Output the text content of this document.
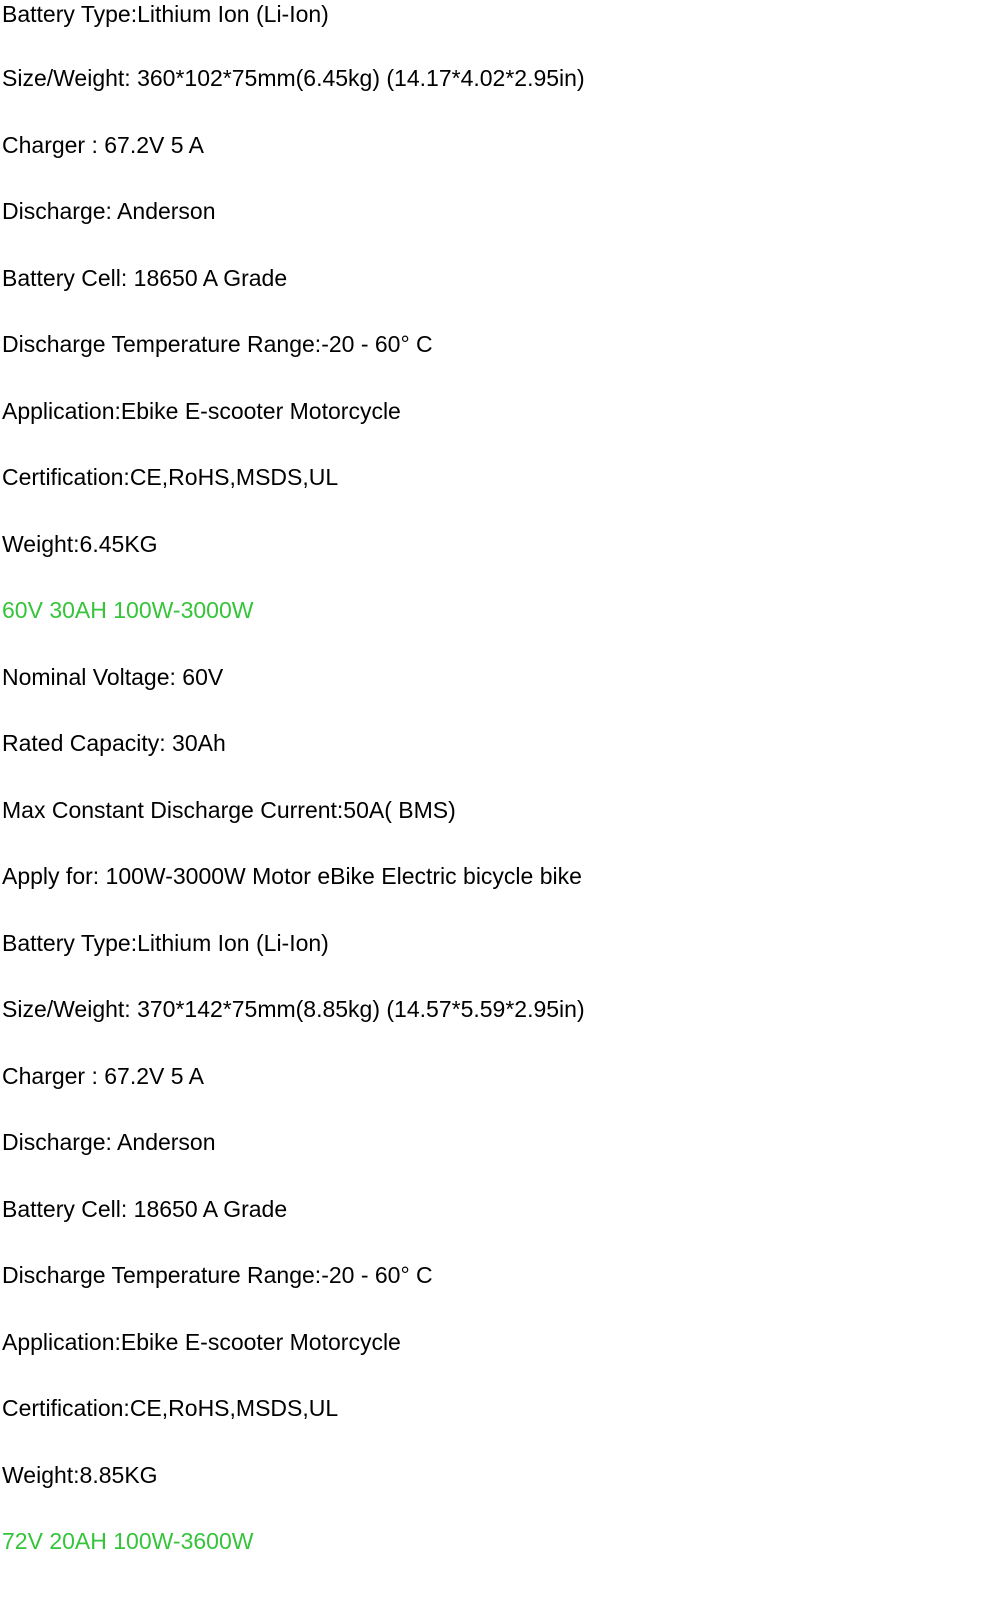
Battery Type:Lithium Ion (Li-Ion)

Size/Weight: 360*102*75mm(6.45kg) (14.17*4.02*2.95in)

Charger : 67.2V 5 A

Discharge: Anderson

Battery Cell: 18650 A Grade

Discharge Temperature Range:-20 - 60° C

Application:Ebike E-scooter Motorcycle

Certification:CE,RoHS,MSDS,UL

Weight:6.45KG

60V 30AH 100W-3000W

Nominal Voltage: 60V

Rated Capacity: 30Ah

Max Constant Discharge Current:50A( BMS)

Apply for: 100W-3000W Motor eBike Electric bicycle bike

Battery Type:Lithium Ion (Li-Ion)

Size/Weight: 370*142*75mm(8.85kg) (14.57*5.59*2.95in)

Charger : 67.2V 5 A

Discharge: Anderson

Battery Cell: 18650 A Grade

Discharge Temperature Range:-20 - 60° C

Application:Ebike E-scooter Motorcycle

Certification:CE,RoHS,MSDS,UL

Weight:8.85KG

72V 20AH 100W-3600W
